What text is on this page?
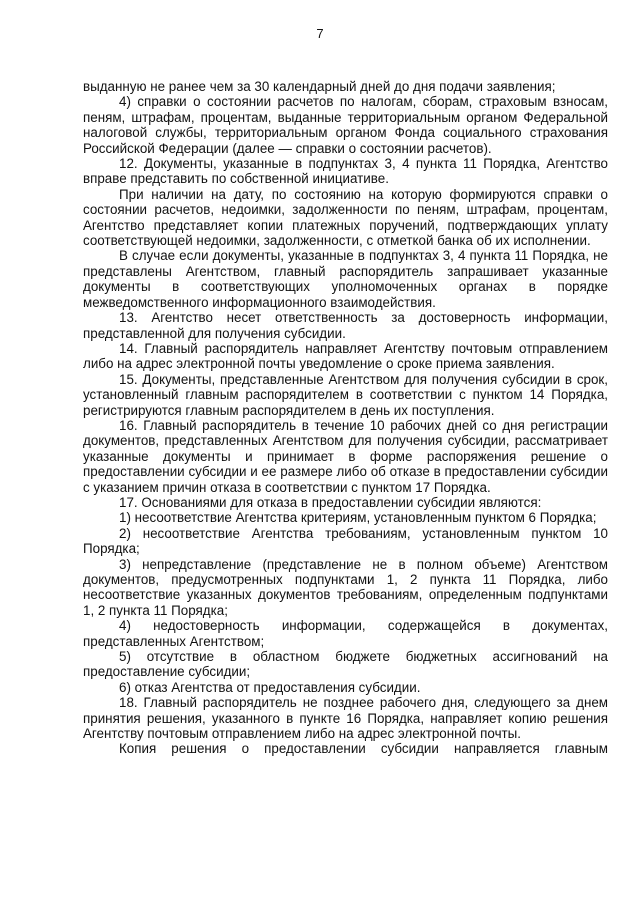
7

выданную не ранее чем за 30 календарный дней до дня подачи заявления;

4) справки о состоянии расчетов по налогам, сборам, страховым взносам, пеням, штрафам, процентам, выданные территориальным органом Федеральной налоговой службы, территориальным органом Фонда социального страхования Российской Федерации (далее — справки о состоянии расчетов).

12. Документы, указанные в подпунктах 3, 4 пункта 11 Порядка, Агентство вправе представить по собственной инициативе.

При наличии на дату, по состоянию на которую формируются справки о состоянии расчетов, недоимки, задолженности по пеням, штрафам, процентам, Агентство представляет копии платежных поручений, подтверждающих уплату соответствующей недоимки, задолженности, с отметкой банка об их исполнении.

В случае если документы, указанные в подпунктах 3, 4 пункта 11 Порядка, не представлены Агентством, главный распорядитель запрашивает указанные документы в соответствующих уполномоченных органах в порядке межведомственного информационного взаимодействия.

13. Агентство несет ответственность за достоверность информации, представленной для получения субсидии.

14. Главный распорядитель направляет Агентству почтовым отправлением либо на адрес электронной почты уведомление о сроке приема заявления.

15. Документы, представленные Агентством для получения субсидии в срок, установленный главным распорядителем в соответствии с пунктом 14 Порядка, регистрируются главным распорядителем в день их поступления.

16. Главный распорядитель в течение 10 рабочих дней со дня регистрации документов, представленных Агентством для получения субсидии, рассматривает указанные документы и принимает в форме распоряжения решение о предоставлении субсидии и ее размере либо об отказе в предоставлении субсидии с указанием причин отказа в соответствии с пунктом 17 Порядка.

17. Основаниями для отказа в предоставлении субсидии являются:

1) несоответствие Агентства критериям, установленным пунктом 6 Порядка;

2) несоответствие Агентства требованиям, установленным пунктом 10 Порядка;

3) непредставление (представление не в полном объеме) Агентством документов, предусмотренных подпунктами 1, 2 пункта 11 Порядка, либо несоответствие указанных документов требованиям, определенным подпунктами 1, 2 пункта 11 Порядка;

4) недостоверность информации, содержащейся в документах, представленных Агентством;

5) отсутствие в областном бюджете бюджетных ассигнований на предоставление субсидии;

6) отказ Агентства от предоставления субсидии.

18. Главный распорядитель не позднее рабочего дня, следующего за днем принятия решения, указанного в пункте 16 Порядка, направляет копию решения Агентству почтовым отправлением либо на адрес электронной почты.

Копия решения о предоставлении субсидии направляется главным
